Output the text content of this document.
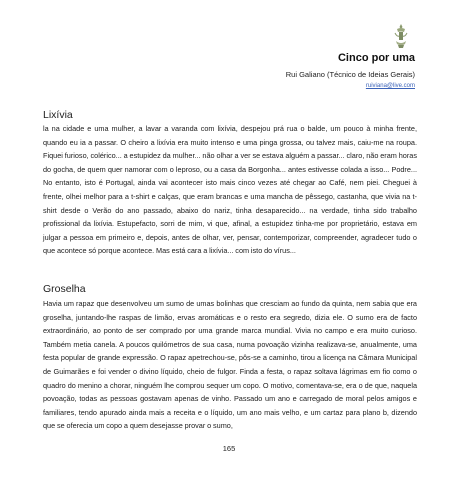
Cinco por uma
Rui Galiano (Técnico de Ideias Gerais)
ruiviana@live.com
Lixívia
la na cidade e uma mulher, a lavar a varanda com lixívia, despejou prá rua o balde, um pouco à minha frente, quando eu ia a passar. O cheiro a lixívia era muito intenso e uma pinga grossa, ou talvez mais, caiu-me na roupa. Fiquei furioso, colérico... a estupidez da mulher... não olhar a ver se estava alguém a passar... claro, não eram horas do gocha, de quem quer namorar com o leproso, ou a casa da Borgonha... antes estivesse colada a isso... Podre... No entanto, isto é Portugal, ainda vai acontecer isto mais cinco vezes até chegar ao Café, nem piei. Cheguei à frente, olhei melhor para a t-shirt e calças, que eram brancas e uma mancha de pêssego, castanha, que vivia na t-shirt desde o Verão do ano passado, abaixo do nariz, tinha desaparecido... na verdade, tinha sido trabalho profissional da lixívia. Estupefacto, sorri de mim, vi que, afinal, a estupidez tinha-me por proprietário, estava em julgar a pessoa em primeiro e, depois, antes de olhar, ver, pensar, contemporizar, compreender, agradecer tudo o que acontece só porque acontece. Mas está cara a lixívia... com isto do vírus...
Groselha
Havia um rapaz que desenvolveu um sumo de umas bolinhas que cresciam ao fundo da quinta, nem sabia que era groselha, juntando-lhe raspas de limão, ervas aromáticas e o resto era segredo, dizia ele. O sumo era de facto extraordinário, ao ponto de ser comprado por uma grande marca mundial. Vivia no campo e era muito curioso. Também metia canela. A poucos quilómetros de sua casa, numa povoação vizinha realizava-se, anualmente, uma festa popular de grande expressão. O rapaz apetrechou-se, pôs-se a caminho, tirou a licença na Câmara Municipal de Guimarães e foi vender o divino líquido, cheio de fulgor. Finda a festa, o rapaz soltava lágrimas em fio como o quadro do menino a chorar, ninguém lhe comprou sequer um copo. O motivo, comentava-se, era o de que, naquela povoação, todas as pessoas gostavam apenas de vinho. Passado um ano e carregado de moral pelos amigos e familiares, tendo apurado ainda mais a receita e o líquido, um ano mais velho, e um cartaz para plano b, dizendo que se oferecia um copo a quem desejasse provar o sumo,
165
